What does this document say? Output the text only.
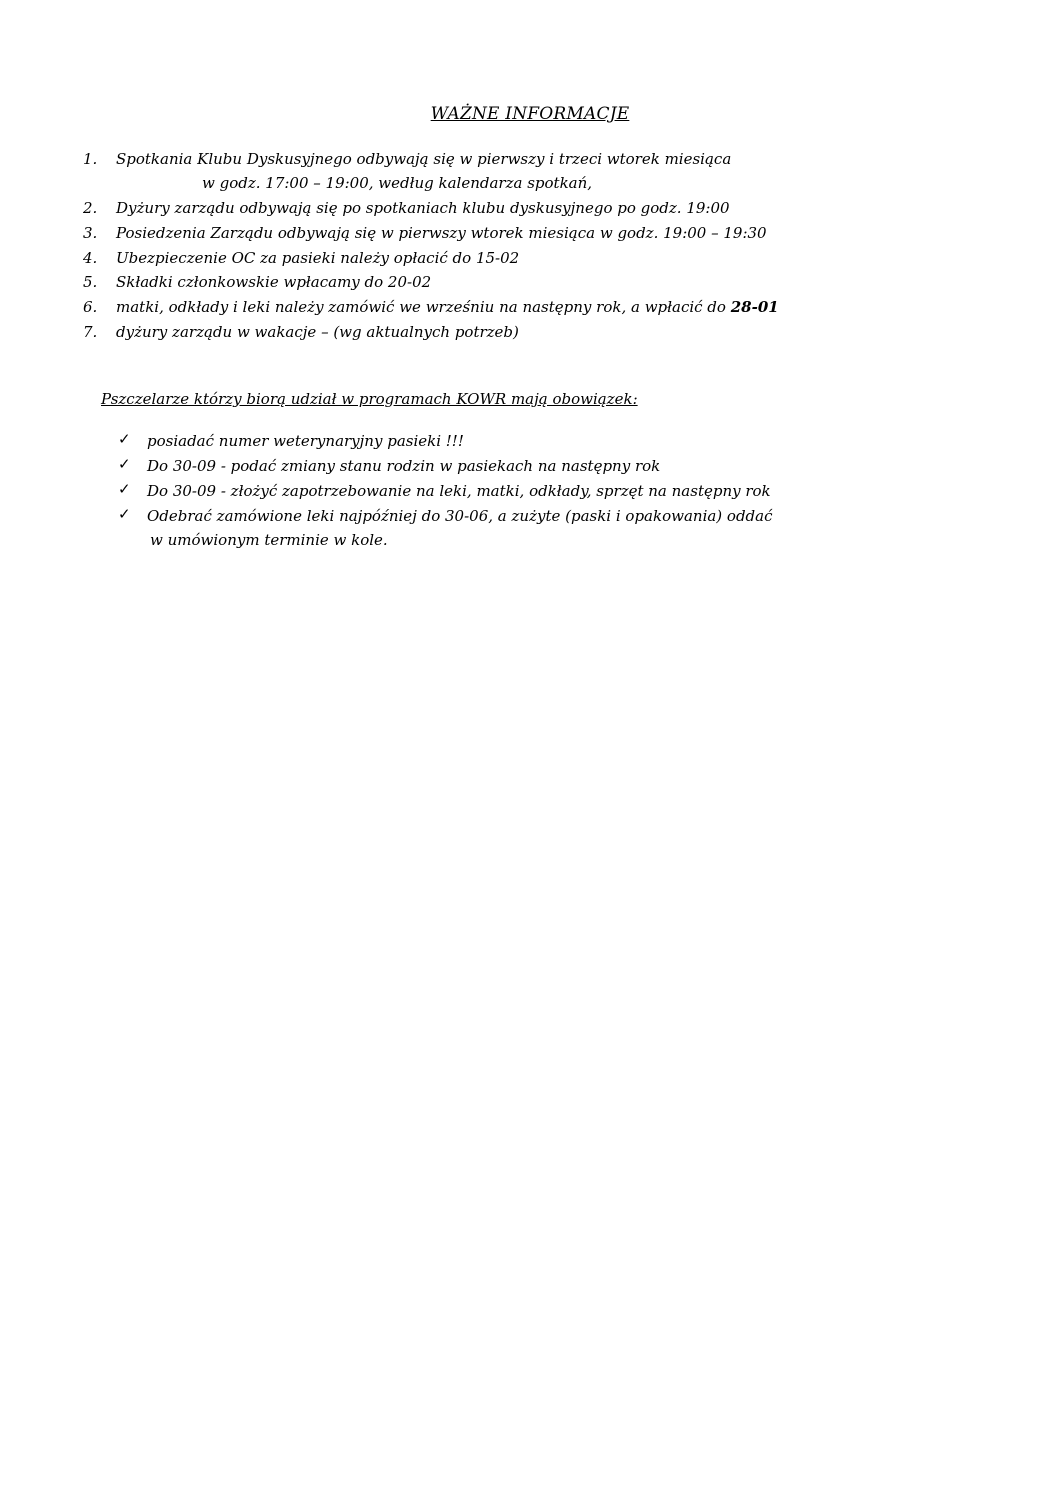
WAŻNE INFORMACJE
1.	Spotkania Klubu Dyskusyjnego odbywają się w pierwszy i trzeci wtorek miesiąca
w godz. 17:00 – 19:00, według kalendarza spotkań,
2.	Dyżury zarządu odbywają się po spotkaniach klubu dyskusyjnego po godz. 19:00
3.	Posiedzenia Zarządu odbywają się w pierwszy wtorek miesiąca w godz. 19:00 – 19:30
4.	Ubezpieczenie OC za pasieki należy opłacić do 15-02
5.	Składki członkowskie wpłacamy do 20-02
6.	matki, odkłady i leki należy zamówić we wrześniu na następny rok, a wpłacić do 28-01
7.	dyżury zarządu w wakacje – (wg aktualnych potrzeb)
Pszczelarze którzy biorą udział w programach KOWR mają obowiązek:
✓ posiadać numer weterynaryjny pasieki !!!
✓ Do 30-09 - podać zmiany stanu rodzin w pasiekach na następny rok
✓ Do 30-09 - złożyć zapotrzebowanie na leki, matki, odkłady, sprzęt na następny rok
✓ Odebrać zamówione leki najpóźniej do 30-06, a zużyte (paski i opakowania) oddać
w umówionym terminie w kole.
